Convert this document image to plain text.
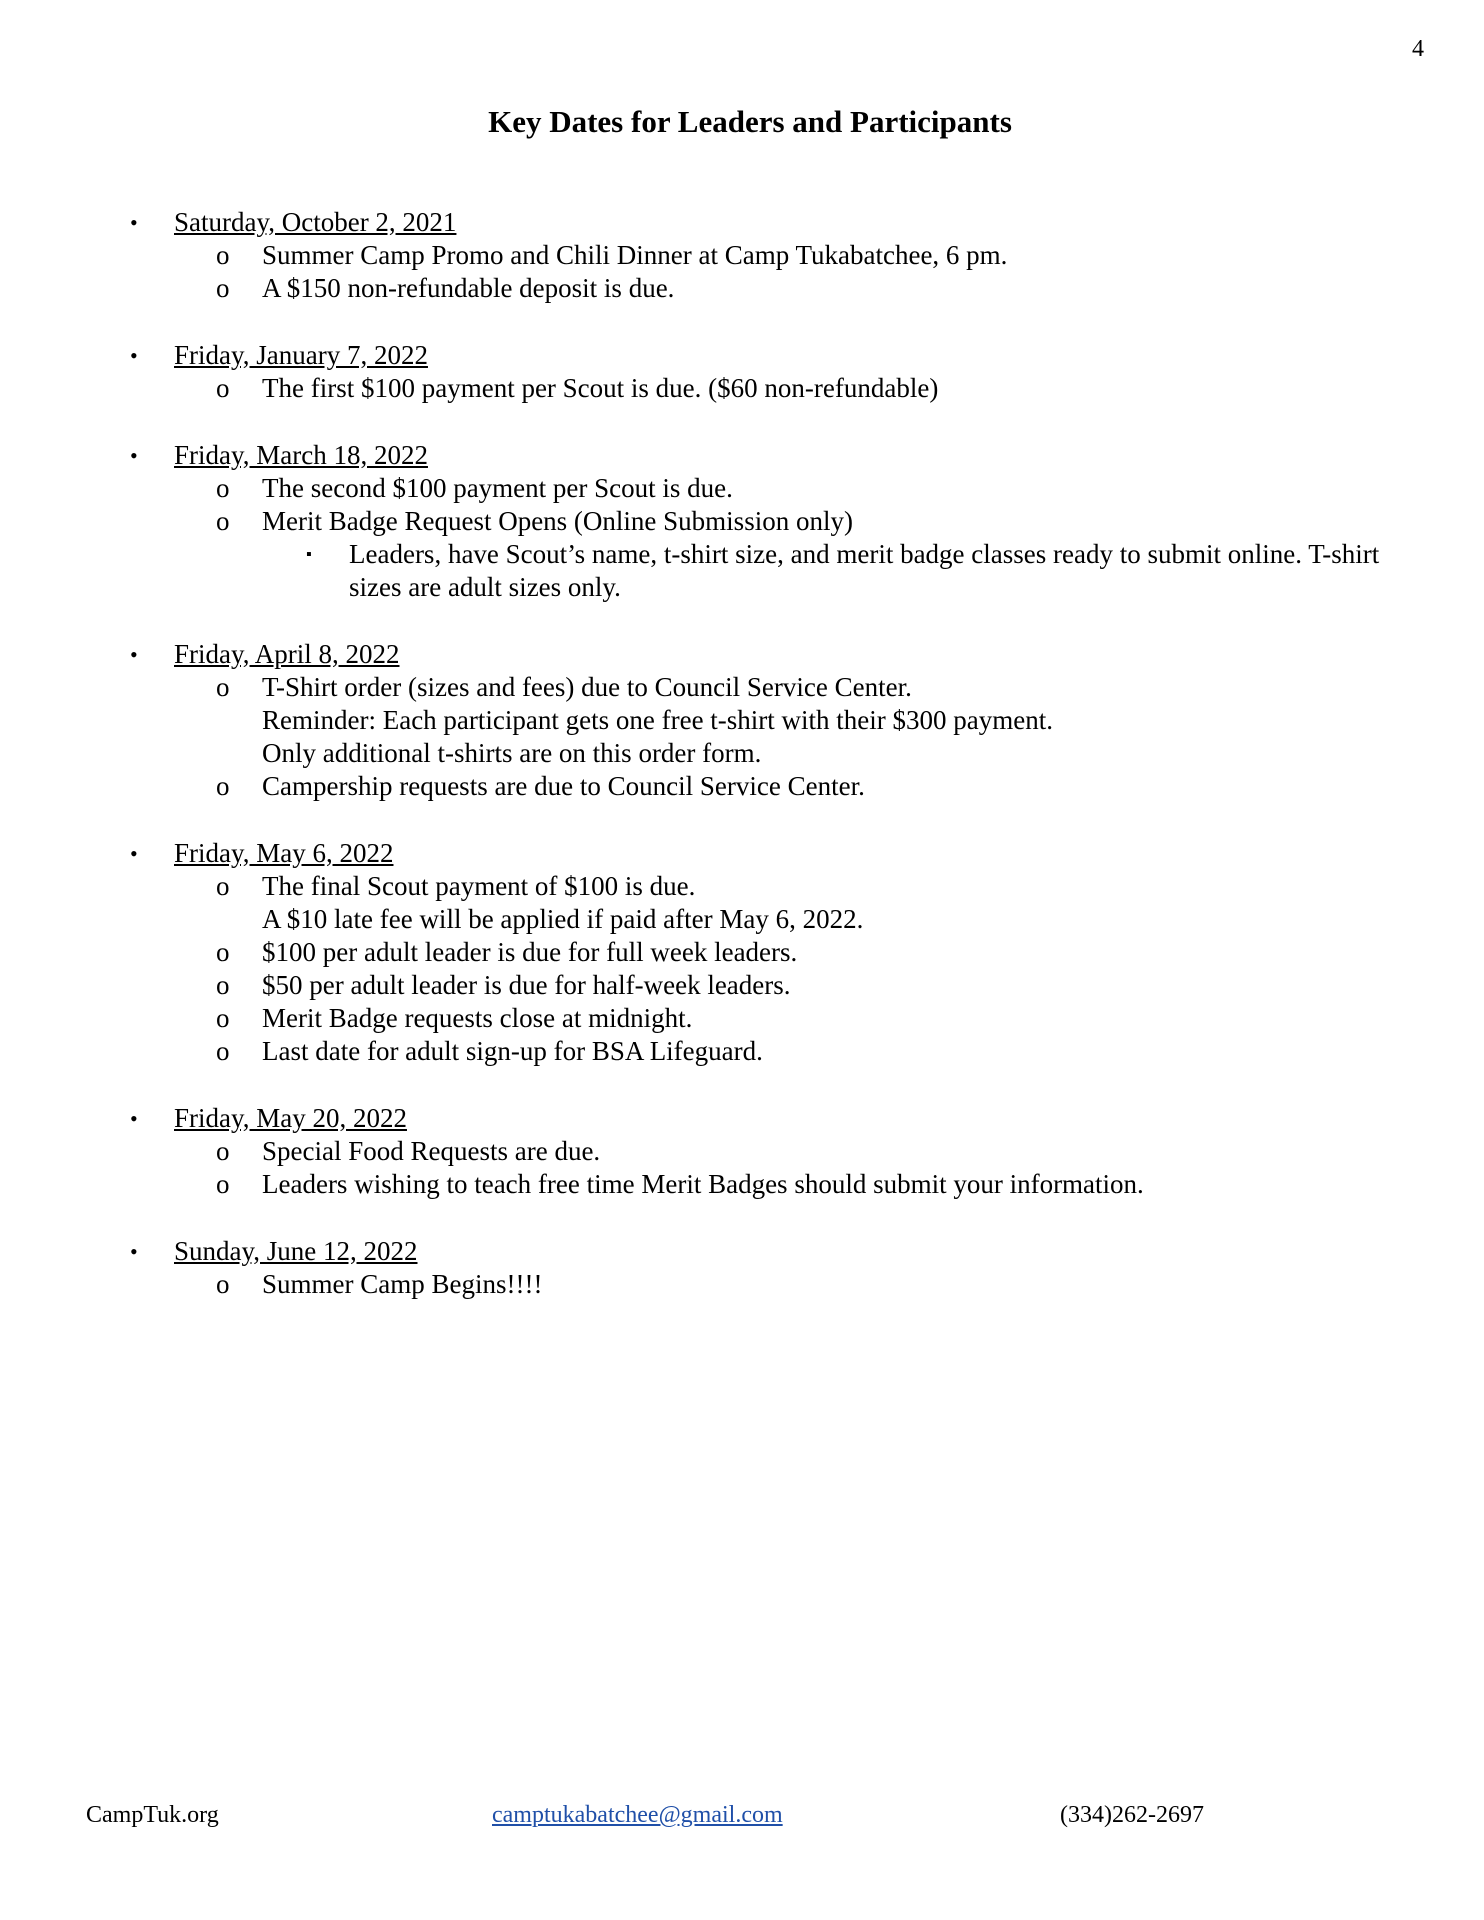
4
Key Dates for Leaders and Participants
• Saturday, October 2, 2021
o Summer Camp Promo and Chili Dinner at Camp Tukabatchee, 6 pm.
o A $150 non-refundable deposit is due.
• Friday, January 7, 2022
o The first $100 payment per Scout is due. ($60 non-refundable)
• Friday, March 18, 2022
o The second $100 payment per Scout is due.
o Merit Badge Request Opens (Online Submission only)
▪ Leaders, have Scout’s name, t-shirt size, and merit badge classes ready to submit online. T-shirt sizes are adult sizes only.
• Friday, April 8, 2022
o T-Shirt order (sizes and fees) due to Council Service Center.
Reminder: Each participant gets one free t-shirt with their $300 payment.
Only additional t-shirts are on this order form.
o Campership requests are due to Council Service Center.
• Friday, May 6, 2022
o The final Scout payment of $100 is due.
A $10 late fee will be applied if paid after May 6, 2022.
o $100 per adult leader is due for full week leaders.
o $50 per adult leader is due for half-week leaders.
o Merit Badge requests close at midnight.
o Last date for adult sign-up for BSA Lifeguard.
• Friday, May 20, 2022
o Special Food Requests are due.
o Leaders wishing to teach free time Merit Badges should submit your information.
• Sunday, June 12, 2022
o Summer Camp Begins!!!!
CampTuk.org	camptukabatchee@gmail.com	(334)262-2697
